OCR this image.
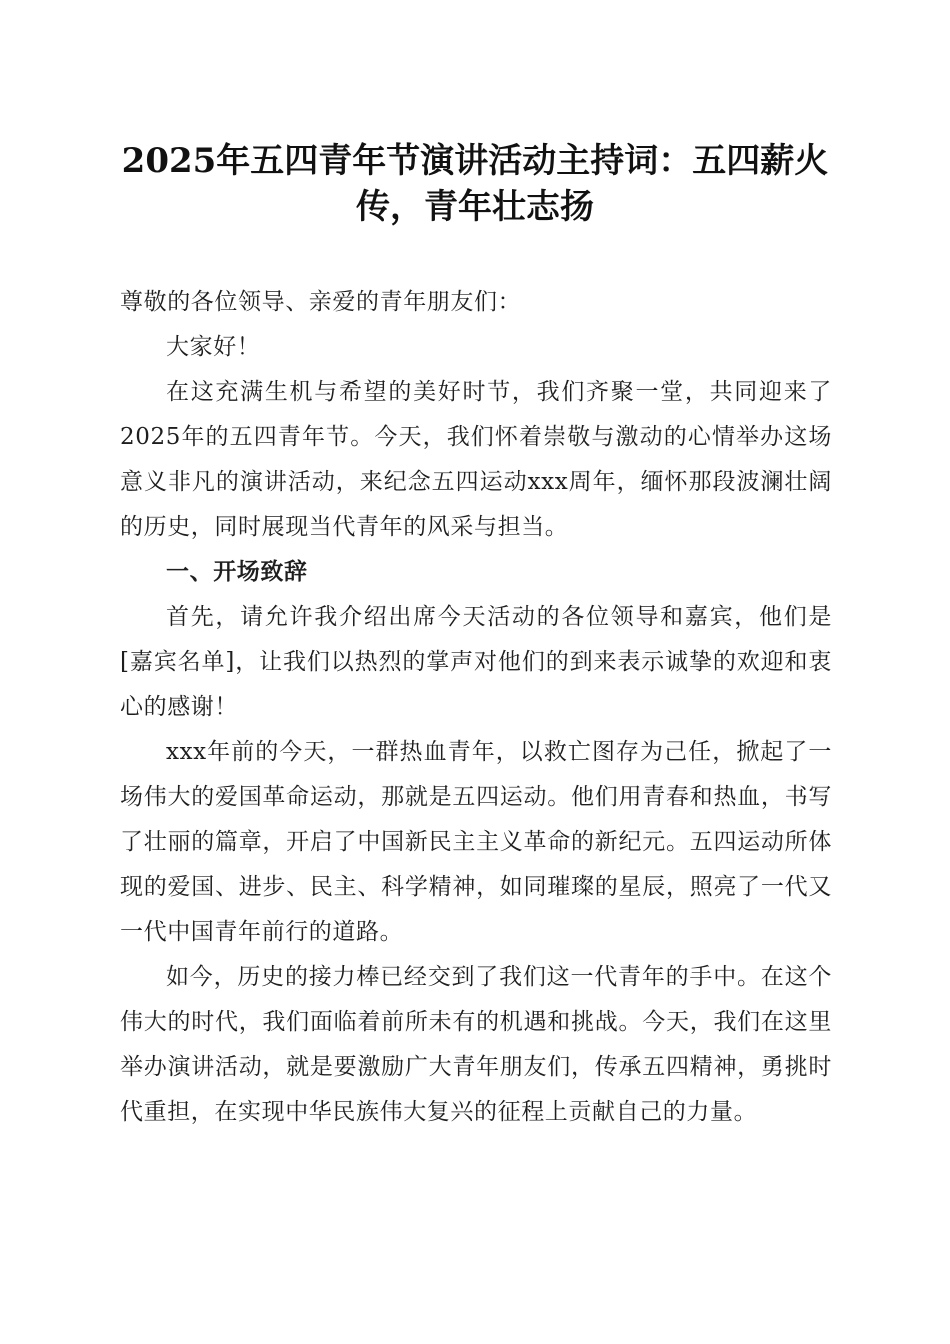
2025年五四青年节演讲活动主持词：五四薪火传，青年壮志扬

尊敬的各位领导、亲爱的青年朋友们：

大家好！

在这充满生机与希望的美好时节，我们齐聚一堂，共同迎来了2025年的五四青年节。今天，我们怀着崇敬与激动的心情举办这场意义非凡的演讲活动，来纪念五四运动xxx周年，缅怀那段波澜壮阔的历史，同时展现当代青年的风采与担当。

一、开场致辞

首先，请允许我介绍出席今天活动的各位领导和嘉宾，他们是[嘉宾名单]，让我们以热烈的掌声对他们的到来表示诚挚的欢迎和衷心的感谢！

xxx年前的今天，一群热血青年，以救亡图存为己任，掀起了一场伟大的爱国革命运动，那就是五四运动。他们用青春和热血，书写了壮丽的篇章，开启了中国新民主主义革命的新纪元。五四运动所体现的爱国、进步、民主、科学精神，如同璀璨的星辰，照亮了一代又一代中国青年前行的道路。

如今，历史的接力棒已经交到了我们这一代青年的手中。在这个伟大的时代，我们面临着前所未有的机遇和挑战。今天，我们在这里举办演讲活动，就是要激励广大青年朋友们，传承五四精神，勇挑时代重担，在实现中华民族伟大复兴的征程上贡献自己的力量。
